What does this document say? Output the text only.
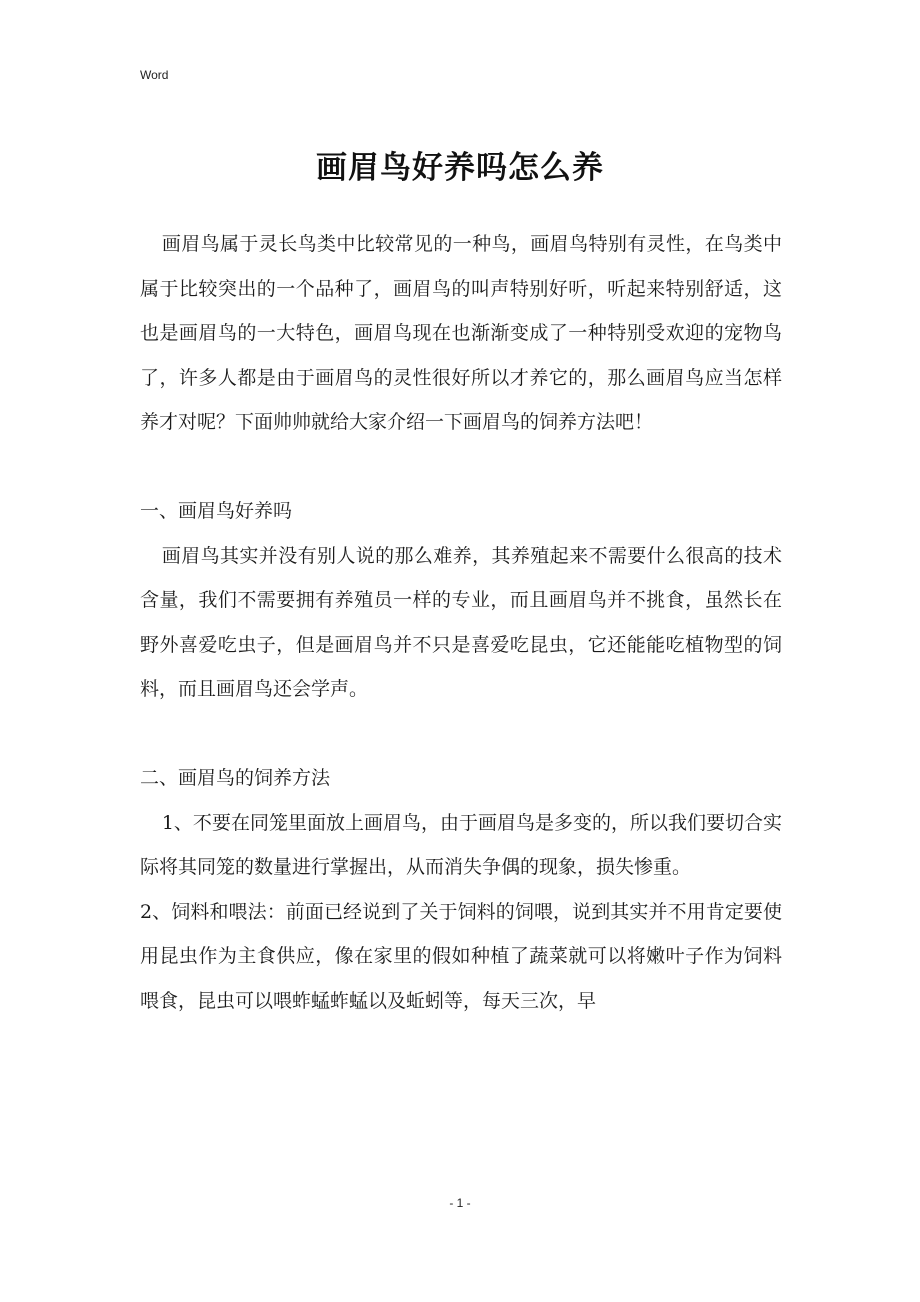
Word
画眉鸟好养吗怎么养

画眉鸟属于灵长鸟类中比较常见的一种鸟，画眉鸟特别有灵性，在鸟类中属于比较突出的一个品种了，画眉鸟的叫声特别好听，听起来特别舒适，这也是画眉鸟的一大特色，画眉鸟现在也渐渐变成了一种特别受欢迎的宠物鸟了，许多人都是由于画眉鸟的灵性很好所以才养它的，那么画眉鸟应当怎样养才对呢？下面帅帅就给大家介绍一下画眉鸟的饲养方法吧！

一、画眉鸟好养吗

画眉鸟其实并没有别人说的那么难养，其养殖起来不需要什么很高的技术含量，我们不需要拥有养殖员一样的专业，而且画眉鸟并不挑食，虽然长在野外喜爱吃虫子，但是画眉鸟并不只是喜爱吃昆虫，它还能能吃植物型的饲料，而且画眉鸟还会学声。

二、画眉鸟的饲养方法

1、不要在同笼里面放上画眉鸟，由于画眉鸟是多变的，所以我们要切合实际将其同笼的数量进行掌握出，从而消失争偶的现象，损失惨重。

2、饲料和喂法：前面已经说到了关于饲料的饲喂，说到其实并不用肯定要使用昆虫作为主食供应，像在家里的假如种植了蔬菜就可以将嫩叶子作为饲料喂食，昆虫可以喂蚱蜢蚱蜢以及蚯蚓等，每天三次，早

- 1 -
